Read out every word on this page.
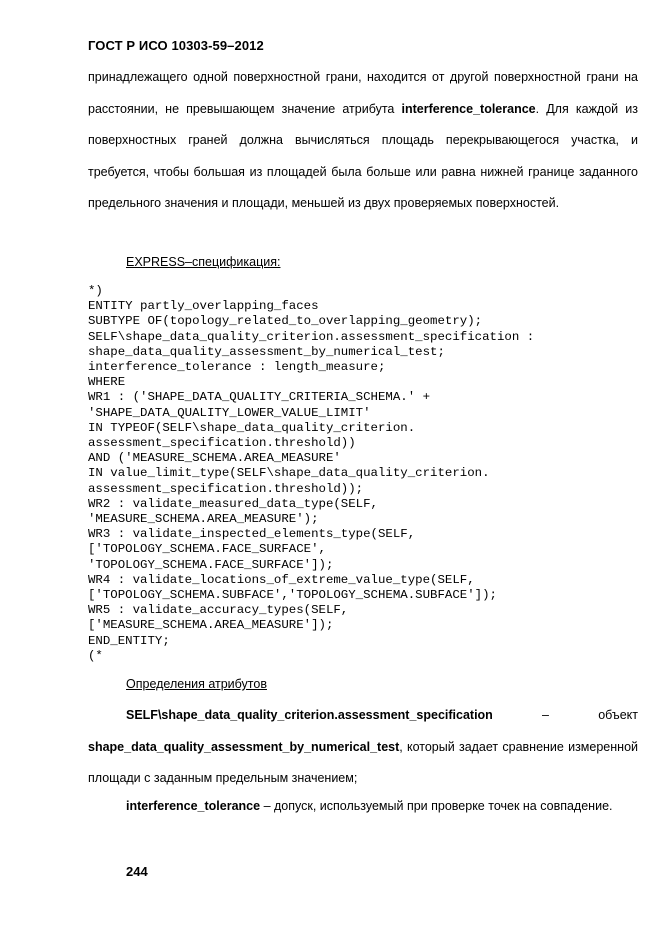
ГОСТ Р ИСО 10303-59–2012

принадлежащего одной поверхностной грани, находится от другой поверхностной грани на расстоянии, не превышающем значение атрибута interference_tolerance. Для каждой из поверхностных граней должна вычисляться площадь перекрывающегося участка, и требуется, чтобы большая из площадей была больше или равна нижней границе заданного предельного значения и площади, меньшей из двух проверяемых поверхностей.

EXPRESS–спецификация:
*)
ENTITY partly_overlapping_faces
SUBTYPE OF(topology_related_to_overlapping_geometry);
SELF\shape_data_quality_criterion.assessment_specification :
shape_data_quality_assessment_by_numerical_test;
interference_tolerance : length_measure;
WHERE
WR1 : ('SHAPE_DATA_QUALITY_CRITERIA_SCHEMA.' +
'SHAPE_DATA_QUALITY_LOWER_VALUE_LIMIT'
IN TYPEOF(SELF\shape_data_quality_criterion.
assessment_specification.threshold))
AND ('MEASURE_SCHEMA.AREA_MEASURE'
IN value_limit_type(SELF\shape_data_quality_criterion.
assessment_specification.threshold));
WR2 : validate_measured_data_type(SELF,
'MEASURE_SCHEMA.AREA_MEASURE');
WR3 : validate_inspected_elements_type(SELF,
['TOPOLOGY_SCHEMA.FACE_SURFACE',
'TOPOLOGY_SCHEMA.FACE_SURFACE']);
WR4 : validate_locations_of_extreme_value_type(SELF,
['TOPOLOGY_SCHEMA.SUBFACE','TOPOLOGY_SCHEMA.SUBFACE']);
WR5 : validate_accuracy_types(SELF,
['MEASURE_SCHEMA.AREA_MEASURE']);
END_ENTITY;
(*
Определения атрибутов

SELF\shape_data_quality_criterion.assessment_specification – объект shape_data_quality_assessment_by_numerical_test, который задает сравнение измеренной площади с заданным предельным значением;

interference_tolerance – допуск, используемый при проверке точек на совпадение.

244
